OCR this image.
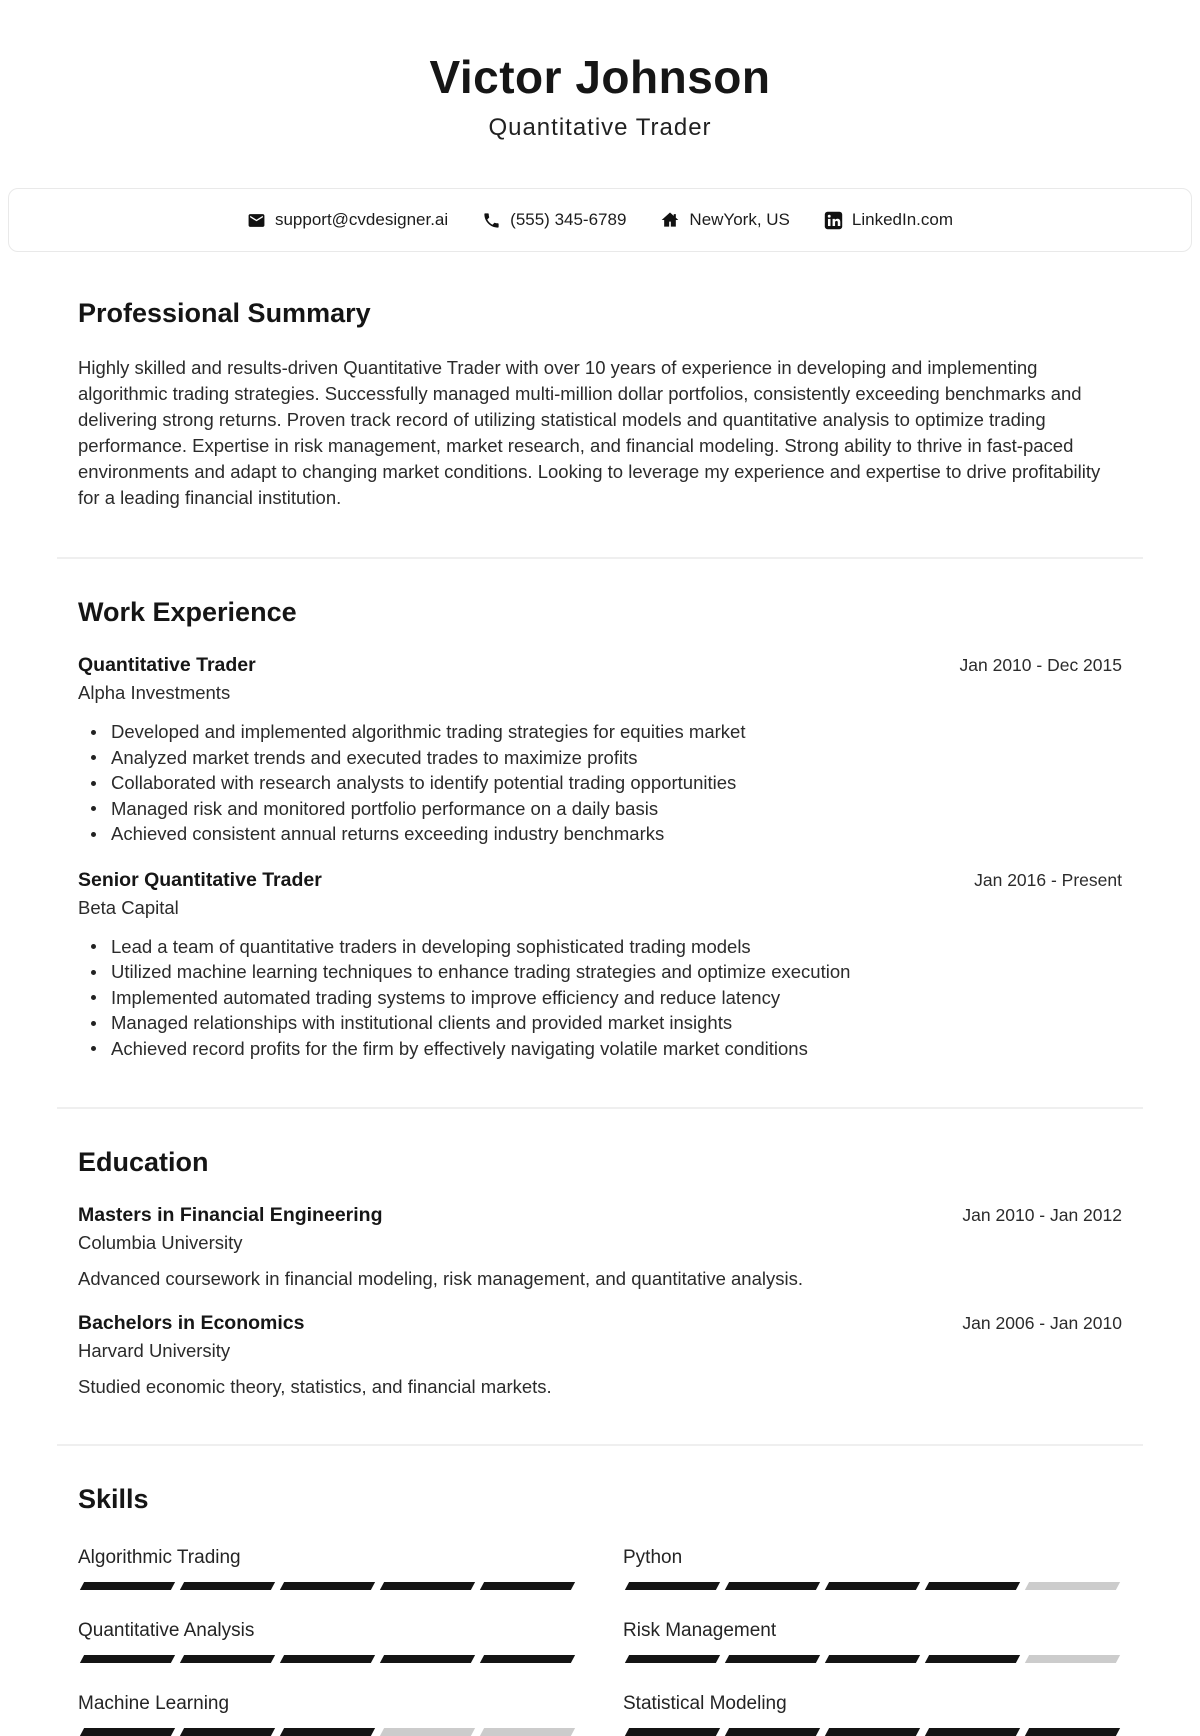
Victor Johnson
Quantitative Trader
support@cvdesigner.ai	(555) 345-6789	NewYork, US	LinkedIn.com
Professional Summary

Highly skilled and results-driven Quantitative Trader with over 10 years of experience in developing and implementing algorithmic trading strategies. Successfully managed multi-million dollar portfolios, consistently exceeding benchmarks and delivering strong returns. Proven track record of utilizing statistical models and quantitative analysis to optimize trading performance. Expertise in risk management, market research, and financial modeling. Strong ability to thrive in fast-paced environments and adapt to changing market conditions. Looking to leverage my experience and expertise to drive profitability for a leading financial institution.

Work Experience
Quantitative Trader	Jan 2010 - Dec 2015
Alpha Investments
Developed and implemented algorithmic trading strategies for equities market
Analyzed market trends and executed trades to maximize profits
Collaborated with research analysts to identify potential trading opportunities
Managed risk and monitored portfolio performance on a daily basis
Achieved consistent annual returns exceeding industry benchmarks
Senior Quantitative Trader	Jan 2016 - Present
Beta Capital
Lead a team of quantitative traders in developing sophisticated trading models
Utilized machine learning techniques to enhance trading strategies and optimize execution
Implemented automated trading systems to improve efficiency and reduce latency
Managed relationships with institutional clients and provided market insights
Achieved record profits for the firm by effectively navigating volatile market conditions
Education
Masters in Financial Engineering	Jan 2010 - Jan 2012
Columbia University
Advanced coursework in financial modeling, risk management, and quantitative analysis.
Bachelors in Economics	Jan 2006 - Jan 2010
Harvard University
Studied economic theory, statistics, and financial markets.
Skills
Algorithmic Trading	Python
Quantitative Analysis	Risk Management
Machine Learning	Statistical Modeling
